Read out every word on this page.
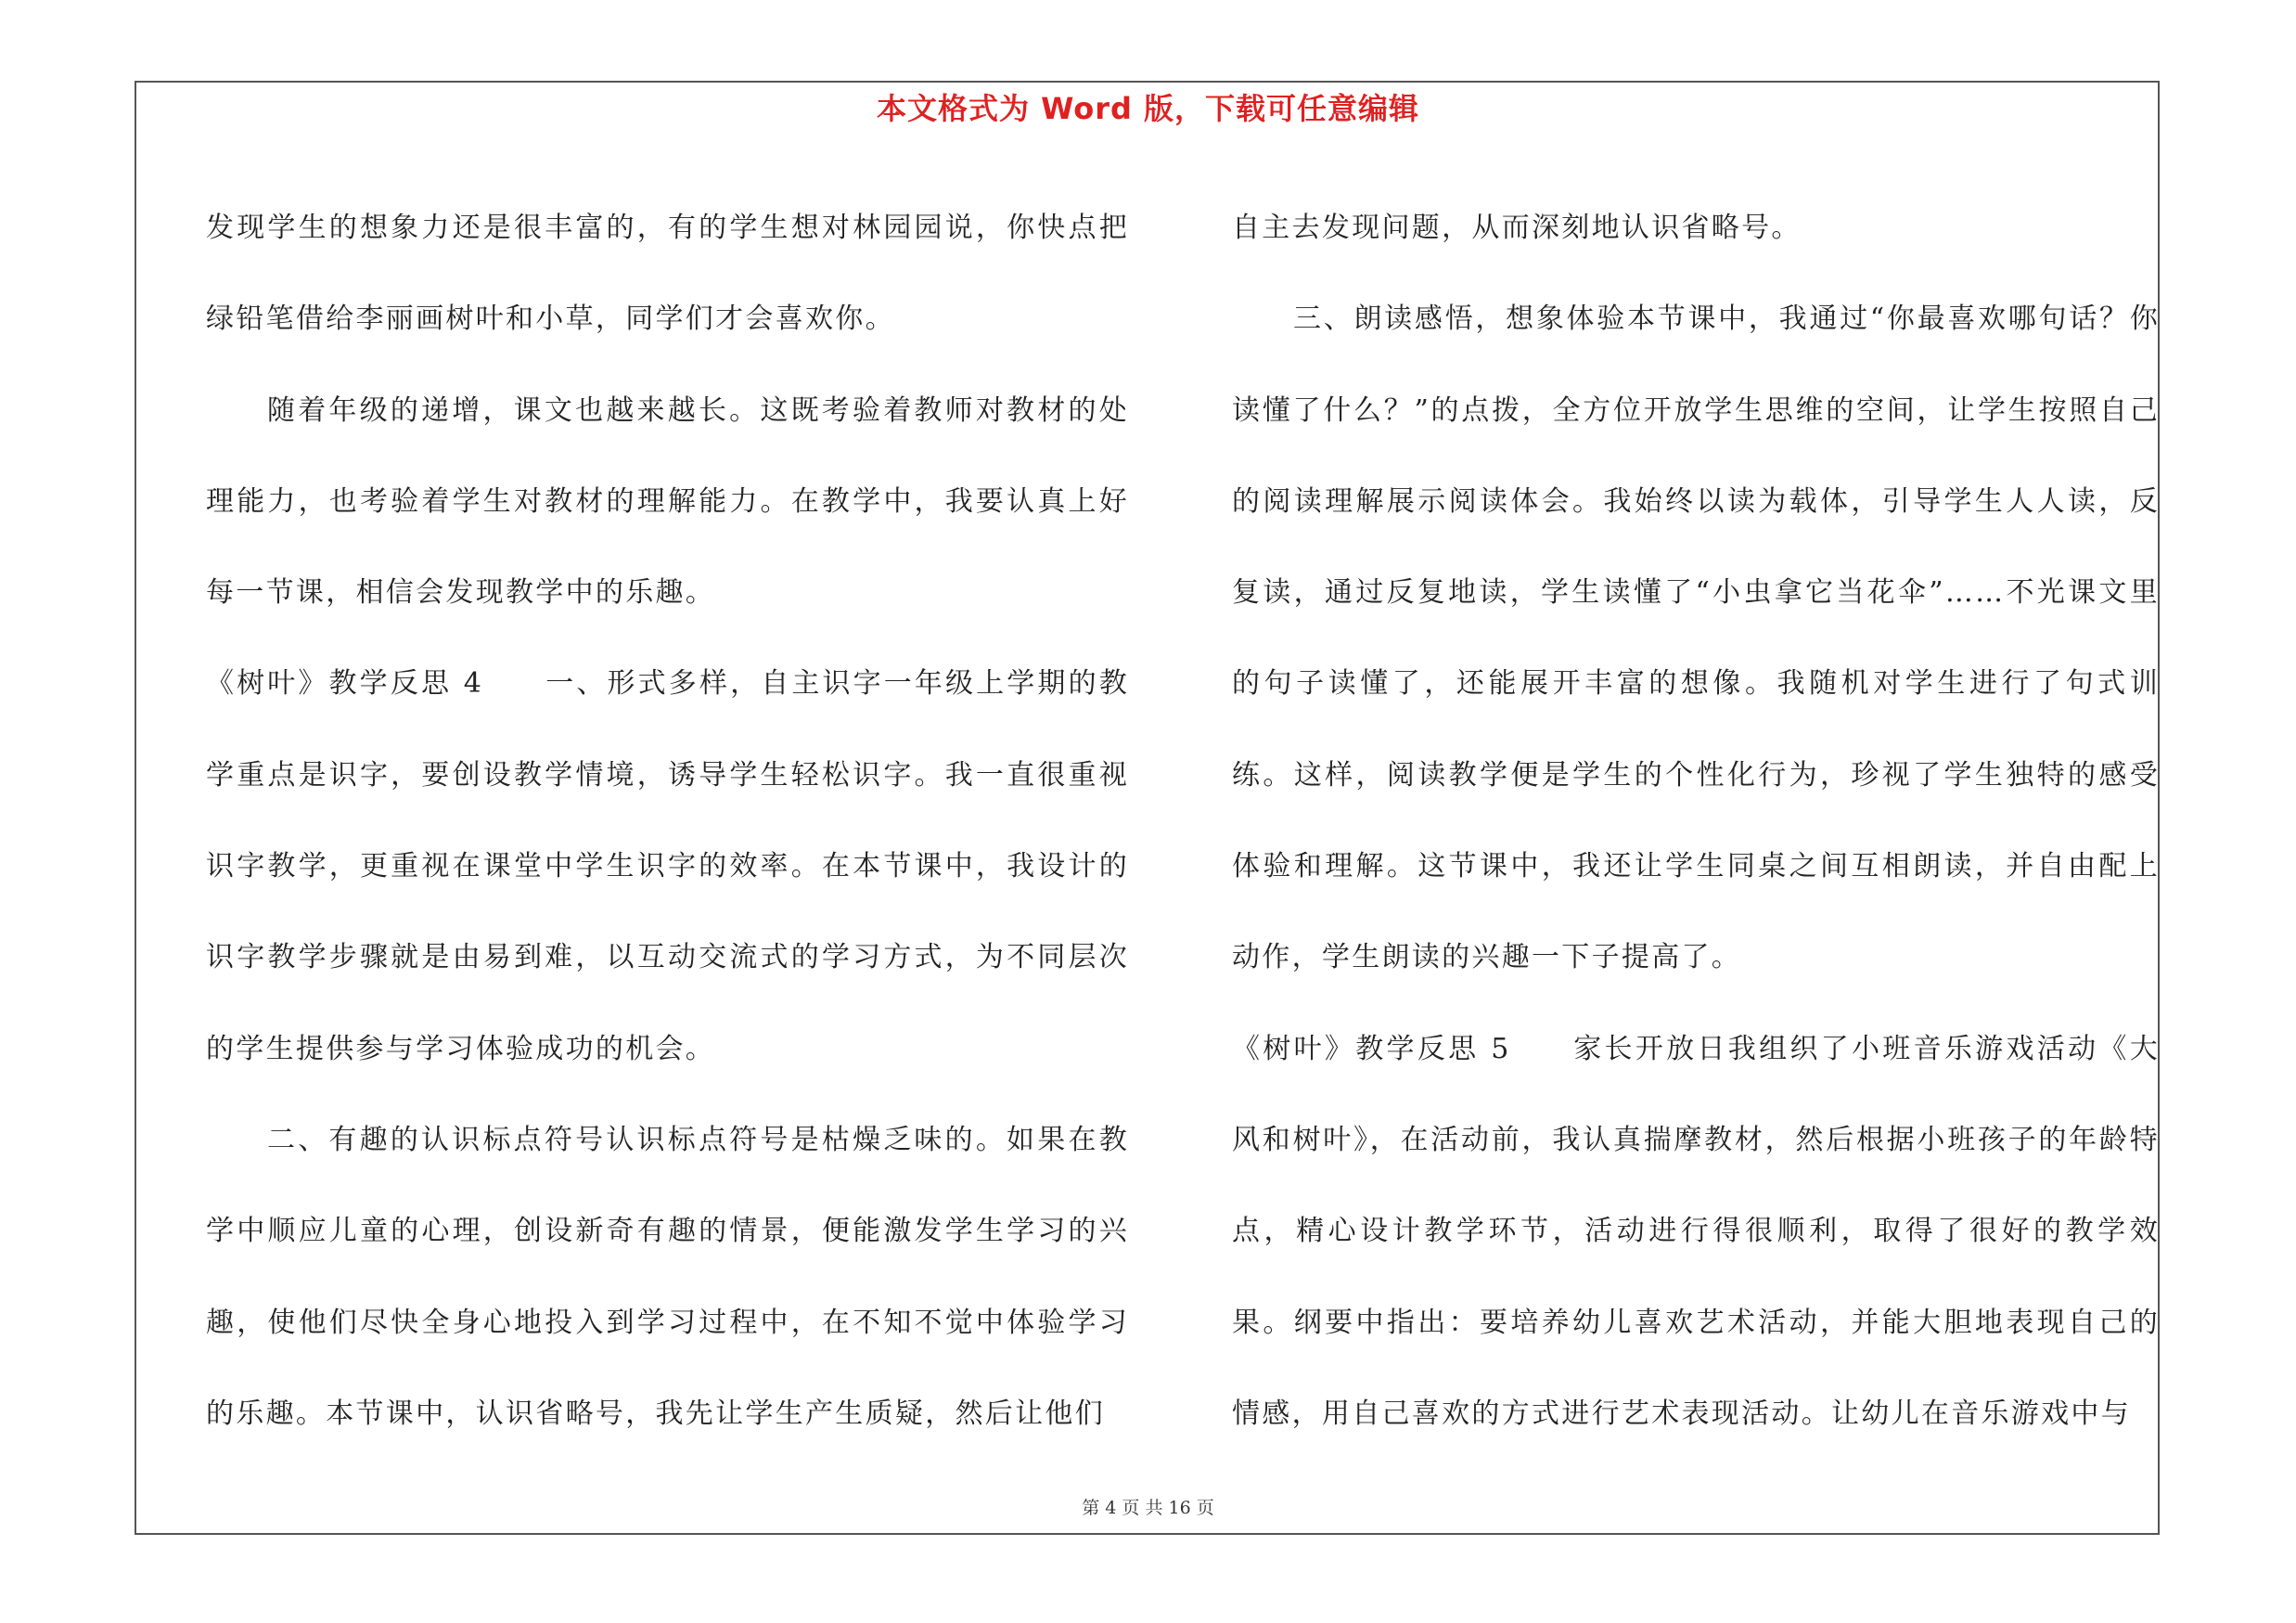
本文格式为 Word 版，下载可任意编辑

发现学生的想象力还是很丰富的，有的学生想对林园园说，你快点把绿铅笔借给李丽画树叶和小草，同学们才会喜欢你。

随着年级的递增，课文也越来越长。这既考验着教师对教材的处理能力，也考验着学生对教材的理解能力。在教学中，我要认真上好每一节课，相信会发现教学中的乐趣。

《树叶》教学反思 4　　一、形式多样，自主识字一年级上学期的教学重点是识字，要创设教学情境，诱导学生轻松识字。我一直很重视识字教学，更重视在课堂中学生识字的效率。在本节课中，我设计的识字教学步骤就是由易到难，以互动交流式的学习方式，为不同层次的学生提供参与学习体验成功的机会。

二、有趣的认识标点符号认识标点符号是枯燥乏味的。如果在教学中顺应儿童的心理，创设新奇有趣的情景，便能激发学生学习的兴趣，使他们尽快全身心地投入到学习过程中，在不知不觉中体验学习的乐趣。本节课中，认识省略号，我先让学生产生质疑，然后让他们

自主去发现问题，从而深刻地认识省略号。

三、朗读感悟，想象体验本节课中，我通过“你最喜欢哪句话？你读懂了什么？”的点拨，全方位开放学生思维的空间，让学生按照自己的阅读理解展示阅读体会。我始终以读为载体，引导学生人人读，反复读，通过反复地读，学生读懂了“小虫拿它当花伞”……不光课文里的句子读懂了，还能展开丰富的想像。我随机对学生进行了句式训练。这样，阅读教学便是学生的个性化行为，珍视了学生独特的感受体验和理解。这节课中，我还让学生同桌之间互相朗读，并自由配上动作，学生朗读的兴趣一下子提高了。

《树叶》教学反思 5　　家长开放日我组织了小班音乐游戏活动《大风和树叶》，在活动前，我认真揣摩教材，然后根据小班孩子的年龄特点，精心设计教学环节，活动进行得很顺利，取得了很好的教学效果。纲要中指出：要培养幼儿喜欢艺术活动，并能大胆地表现自己的情感，用自己喜欢的方式进行艺术表现活动。让幼儿在音乐游戏中与

第 4 页 共 16 页
